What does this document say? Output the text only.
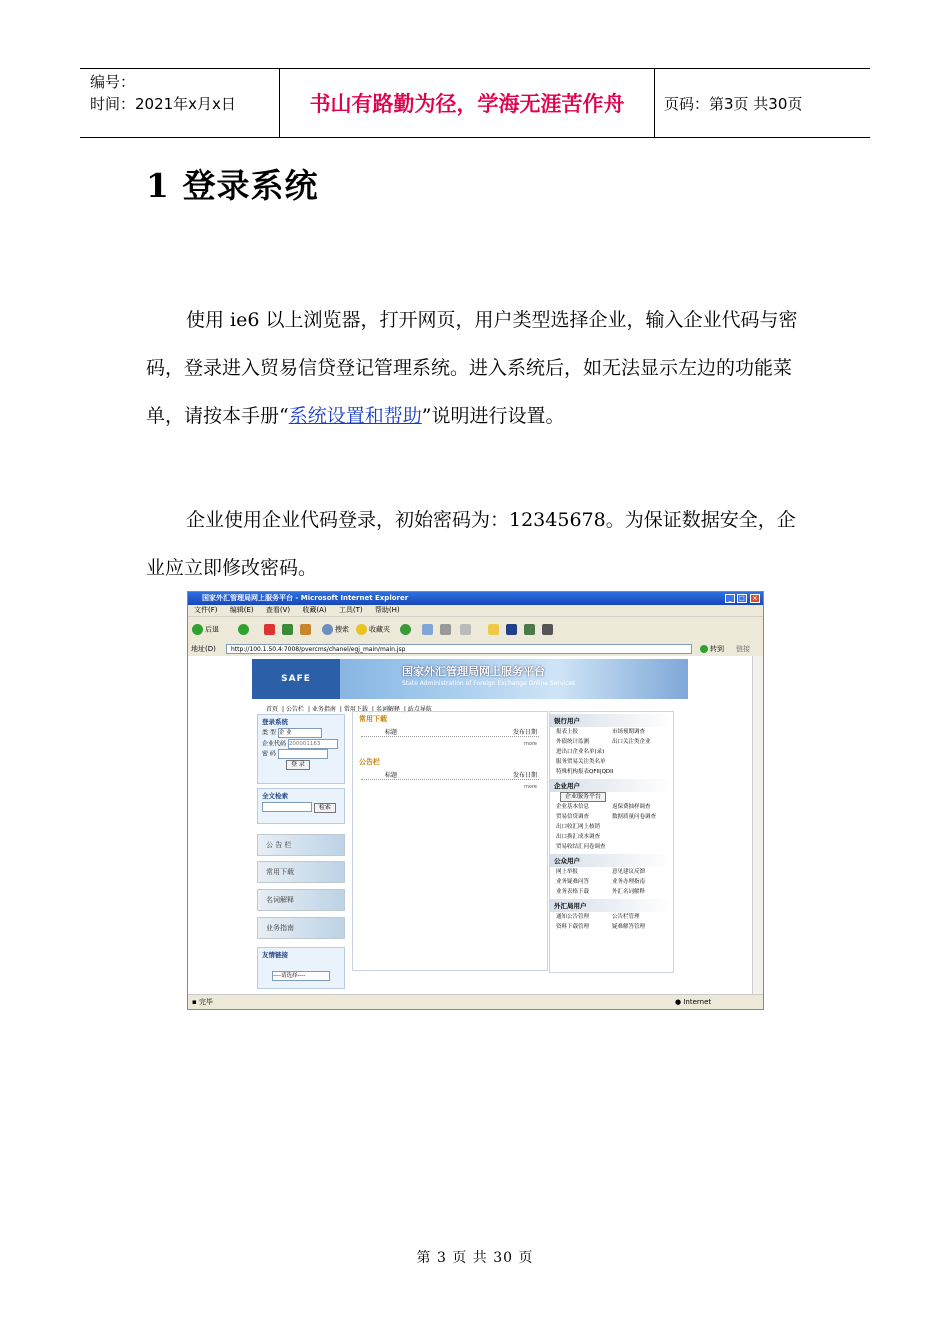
编号：
时间：2021年x月x日	书山有路勤为径，学海无涯苦作舟	页码：第3页 共30页
1 登录系统

使用 ie6 以上浏览器，打开网页，用户类型选择企业，输入企业代码与密码，登录进入贸易信贷登记管理系统。进入系统后，如无法显示左边的功能菜单，请按本手册“系统设置和帮助”说明进行设置。

企业使用企业代码登录，初始密码为：12345678。为保证数据安全，企业应立即修改密码。

国家外汇管理局网上服务平台 - Microsoft Internet Explorer	_	□	×
文件(F) 编辑(E) 查看(V) 收藏(A) 工具(T) 帮助(H)
后退	搜索	收藏夹
地址(D)	http://100.1.50.4:7008/pvercms/chanel/egj_main/main.jsp	转到 链接
SAFE
国家外汇管理局网上服务平台
State Administration of Foreign Exchange Online Services
首页 | 公告栏 | 业务指南 | 常用下载 | 名词解释 | 站点导航
登录系统
类 型 企 业
企业代码 200001163
密 码
登 录
全文检索
检索
公 告 栏
常用下载
名词解释
业务指南
友情链接
----请选择----
常用下载
标题	发布日期
more
公告栏
标题	发布日期
more
银行用户
报表上报	市场预期调查
外债统计监测	出口关注类企业
进出口企业名单(录)
服务贸易关注类名单
特殊机构报表QFII|QDII
企业用户
企业服务平台
企业基本信息	返保费抽样调查
贸易信贷调查	数据质量问卷调查
出口收汇网上核销
出口换汇成本调查
贸易收结汇问卷调查
公众用户
网上举报	意见建议反馈
业务疑难问答	业务办理指南
业务表格下载	外汇名词解释
外汇局用户
通知公告管理	公告栏管理
资料下载管理	疑难解答管理
▪ 完毕	● Internet
第 3 页 共 30 页
